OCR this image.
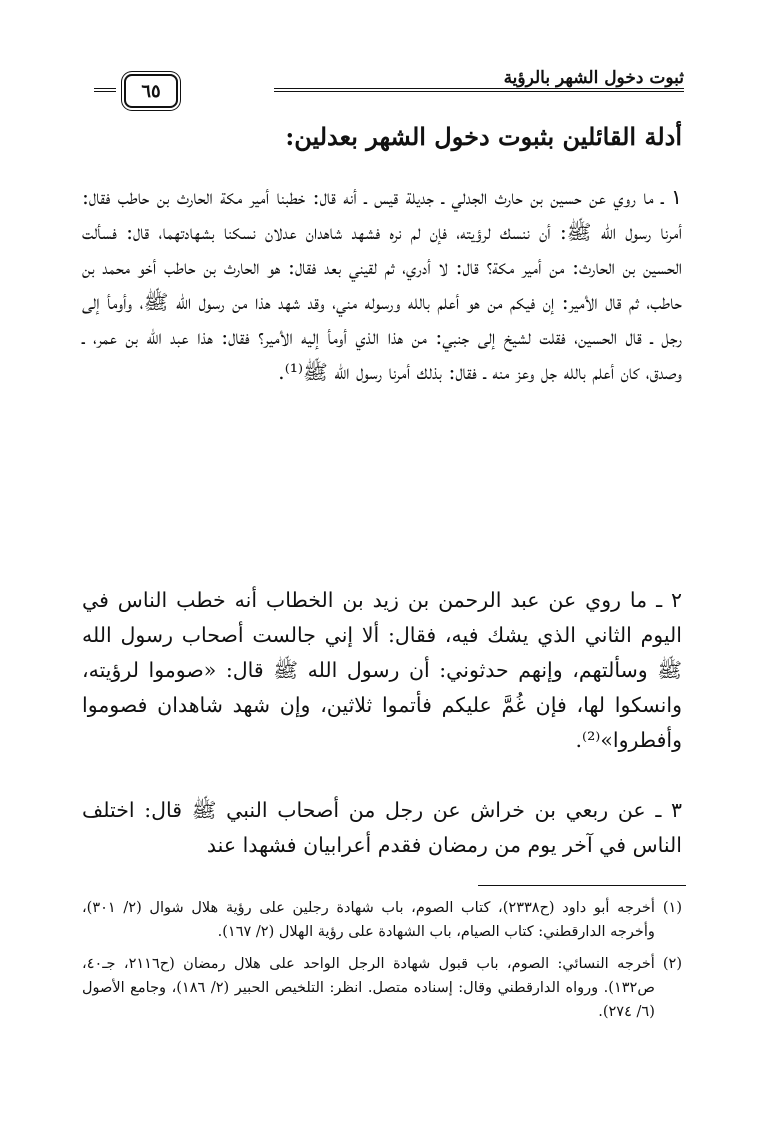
ثبوت دخول الشهر بالرؤية
٦٥
أدلة القائلين بثبوت دخول الشهر بعدلين:

١ ـ ما روي عن حسين بن حارث الجدلي ـ جديلة قيس ـ أنه قال: خطبنا أمير مكة الحارث بن حاطب فقال: أمرنا رسول الله ﷺ: أن ننسك لرؤيته، فإن لم نره فشهد شاهدان عدلان نسكنا بشهادتهما، قال: فسألت الحسين بن الحارث: من أمير مكة؟ قال: لا أدري، ثم لقيني بعد فقال: هو الحارث بن حاطب أخو محمد بن حاطب، ثم قال الأمير: إن فيكم من هو أعلم بالله ورسوله مني، وقد شهد هذا من رسول الله ﷺ، وأومأ إلى رجل ـ قال الحسين، فقلت لشيخ إلى جنبي: من هذا الذي أومأ إليه الأمير؟ فقال: هذا عبد الله بن عمر، ـ وصدق، كان أعلم بالله جل وعز منه ـ فقال: بذلك أمرنا رسول الله ﷺ⁽¹⁾.

٢ ـ ما روي عن عبد الرحمن بن زيد بن الخطاب أنه خطب الناس في اليوم الثاني الذي يشك فيه، فقال: ألا إني جالست أصحاب رسول الله ﷺ وسألتهم، وإنهم حدثوني: أن رسول الله ﷺ قال: «صوموا لرؤيته، وانسكوا لها، فإن غُمَّ عليكم فأتموا ثلاثين، وإن شهد شاهدان فصوموا وأفطروا»⁽²⁾.

٣ ـ عن ربعي بن خراش عن رجل من أصحاب النبي ﷺ قال: اختلف الناس في آخر يوم من رمضان فقدم أعرابيان فشهدا عند

(١)
أخرجه أبو داود (ح٢٣٣٨)، كتاب الصوم، باب شهادة رجلين على رؤية هلال شوال (٢/ ٣٠١)، وأخرجه الدارقطني: كتاب الصيام، باب الشهادة على رؤية الهلال (٢/ ١٦٧).
(٢)
أخرجه النسائي: الصوم، باب قبول شهادة الرجل الواحد على هلال رمضان (ح٢١١٦، جـ٤٠، ص١٣٢). ورواه الدارقطني وقال: إسناده متصل. انظر: التلخيص الحبير (٢/ ١٨٦)، وجامع الأصول (٦/ ٢٧٤).
